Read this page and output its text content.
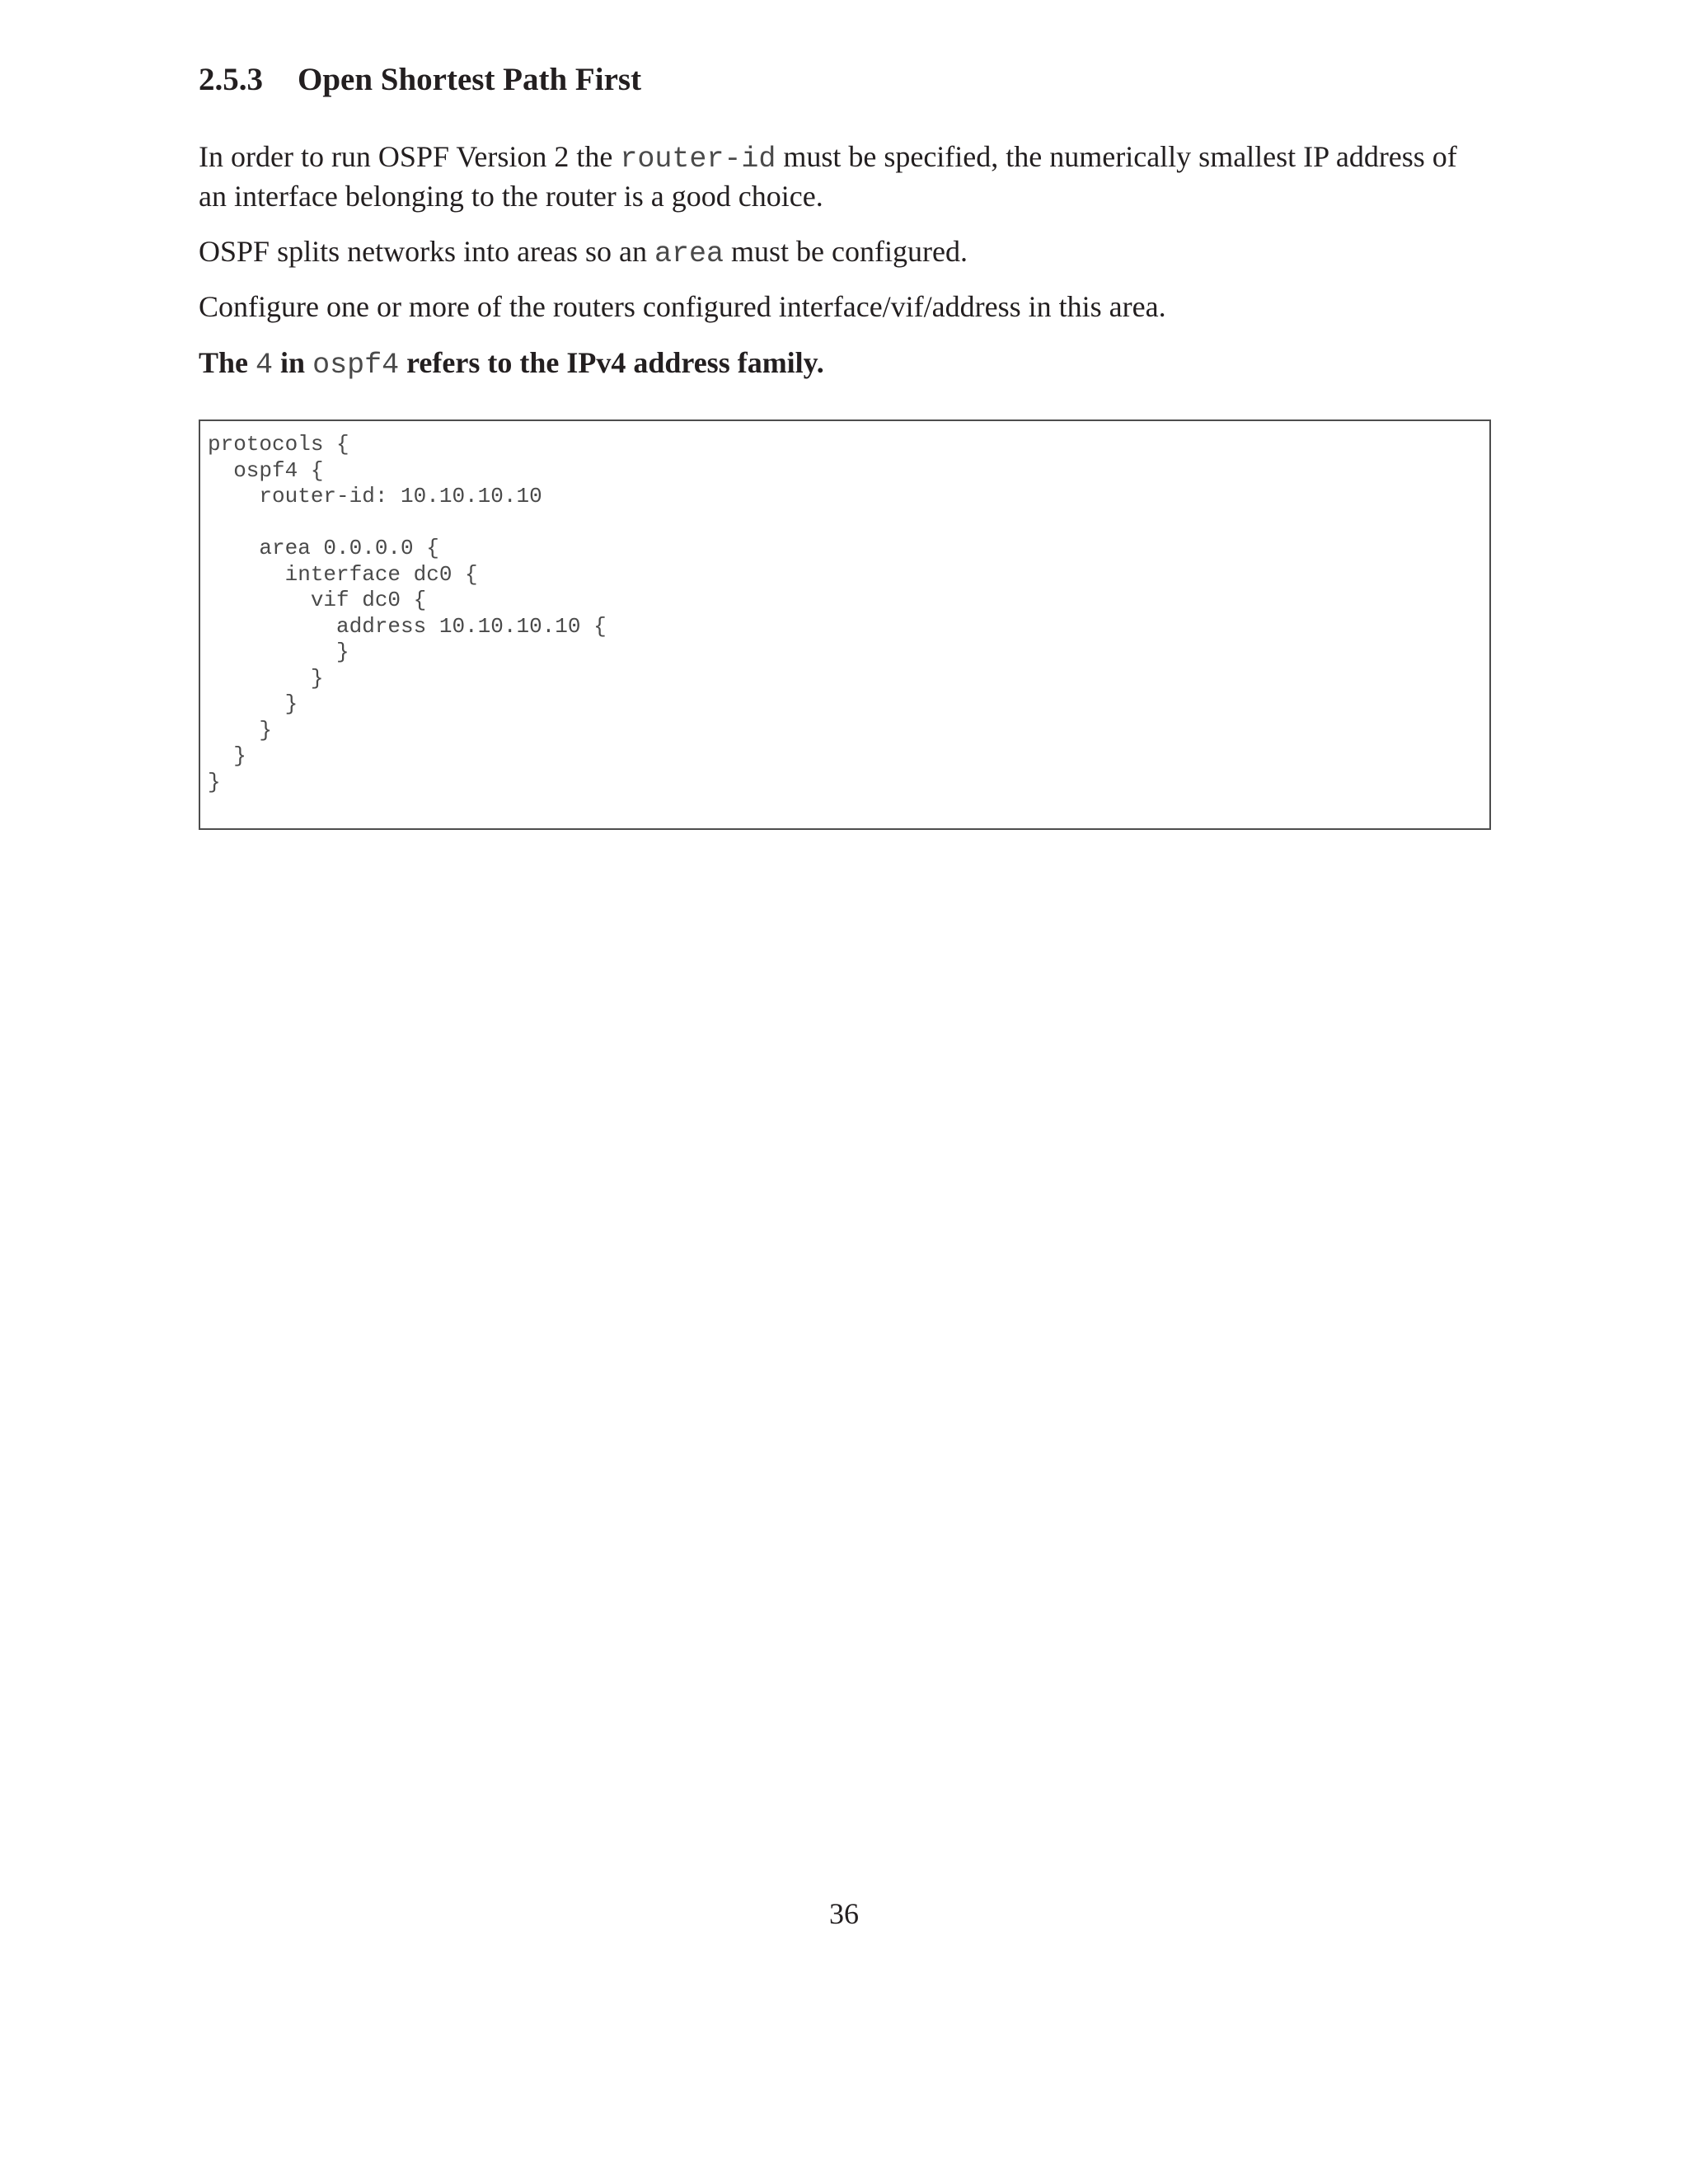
2.5.3 Open Shortest Path First

In order to run OSPF Version 2 the router-id must be specified, the numerically smallest IP address of an interface belonging to the router is a good choice.

OSPF splits networks into areas so an area must be configured.

Configure one or more of the routers configured interface/vif/address in this area.

The 4 in ospf4 refers to the IPv4 address family.

protocols {
ospf4 {
router-id: 10.10.10.10

area 0.0.0.0 {
interface dc0 {
vif dc0 {
address 10.10.10.10 {
}
}
}
}
}
}
36
